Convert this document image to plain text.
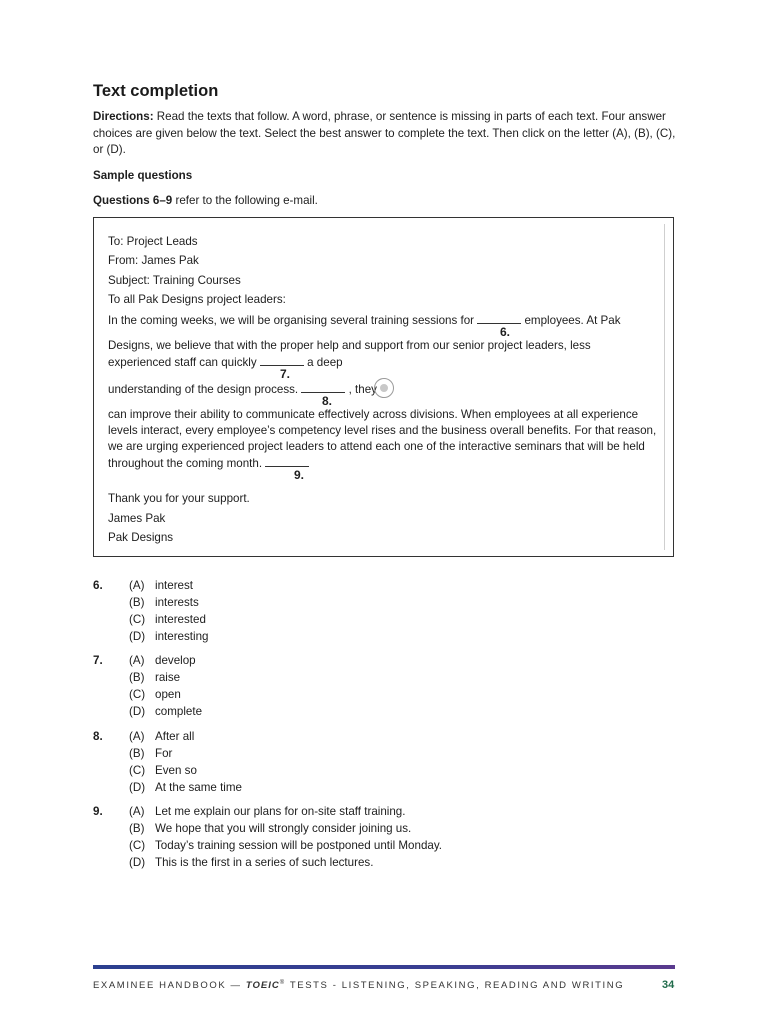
Text completion
Directions: Read the texts that follow. A word, phrase, or sentence is missing in parts of each text. Four answer choices are given below the text. Select the best answer to complete the text. Then click on the letter (A), (B), (C), or (D).
Sample questions
Questions 6–9 refer to the following e-mail.
To: Project Leads
From: James Pak
Subject: Training Courses
To all Pak Designs project leaders:
In the coming weeks, we will be organising several training sessions for	employees. At Pak
6.
Designs, we believe that with the proper help and support from our senior project leaders, less
experienced staff can quickly	a deep
7.
understanding of the design process.	, they
8.
can improve their ability to communicate effectively across divisions. When employees at all experience
levels interact, every employee’s competency level rises and the business overall benefits. For that reason,
we are urging experienced project leaders to attend each one of the interactive seminars that will be held
throughout the coming month.
9.
Thank you for your support.
James Pak
Pak Designs
6. (A) interest
(B) interests
(C) interested
(D) interesting
7. (A) develop
(B) raise
(C) open
(D) complete
8. (A) After all
(B) For
(C) Even so
(D) At the same time
9. (A) Let me explain our plans for on-site staff training.
(B) We hope that you will strongly consider joining us.
(C) Today’s training session will be postponed until Monday.
(D) This is the first in a series of such lectures.
EXAMINEE HANDBOOK — TOEIC® TESTS - LISTENING, SPEAKING, READING AND WRITING	34
